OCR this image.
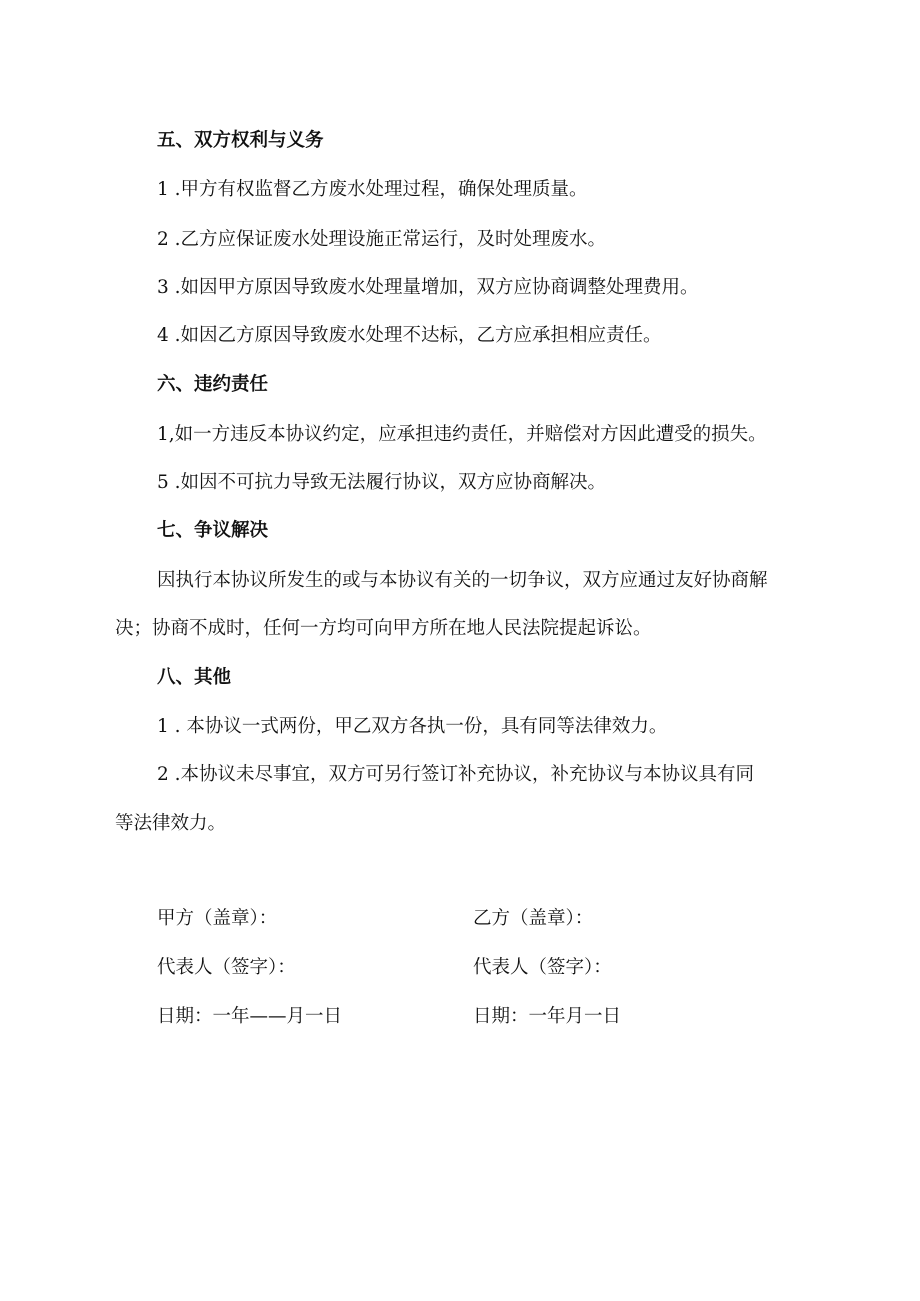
五、双方权利与义务
1 .甲方有权监督乙方废水处理过程，确保处理质量。
2 .乙方应保证废水处理设施正常运行，及时处理废水。
3 .如因甲方原因导致废水处理量增加，双方应协商调整处理费用。
4 .如因乙方原因导致废水处理不达标，乙方应承担相应责任。
六、违约责任
1,如一方违反本协议约定，应承担违约责任，并赔偿对方因此遭受的损失。
5 .如因不可抗力导致无法履行协议，双方应协商解决。
七、争议解决
因执行本协议所发生的或与本协议有关的一切争议，双方应通过友好协商解
决；协商不成时，任何一方均可向甲方所在地人民法院提起诉讼。
八、其他
1 . 本协议一式两份，甲乙双方各执一份，具有同等法律效力。
2 .本协议未尽事宜，双方可另行签订补充协议，补充协议与本协议具有同
等法律效力。
甲方（盖章）：
代表人（签字）：
日期：一年——月一日
乙方（盖章）：
代表人（签字）：
日期：一年月一日
